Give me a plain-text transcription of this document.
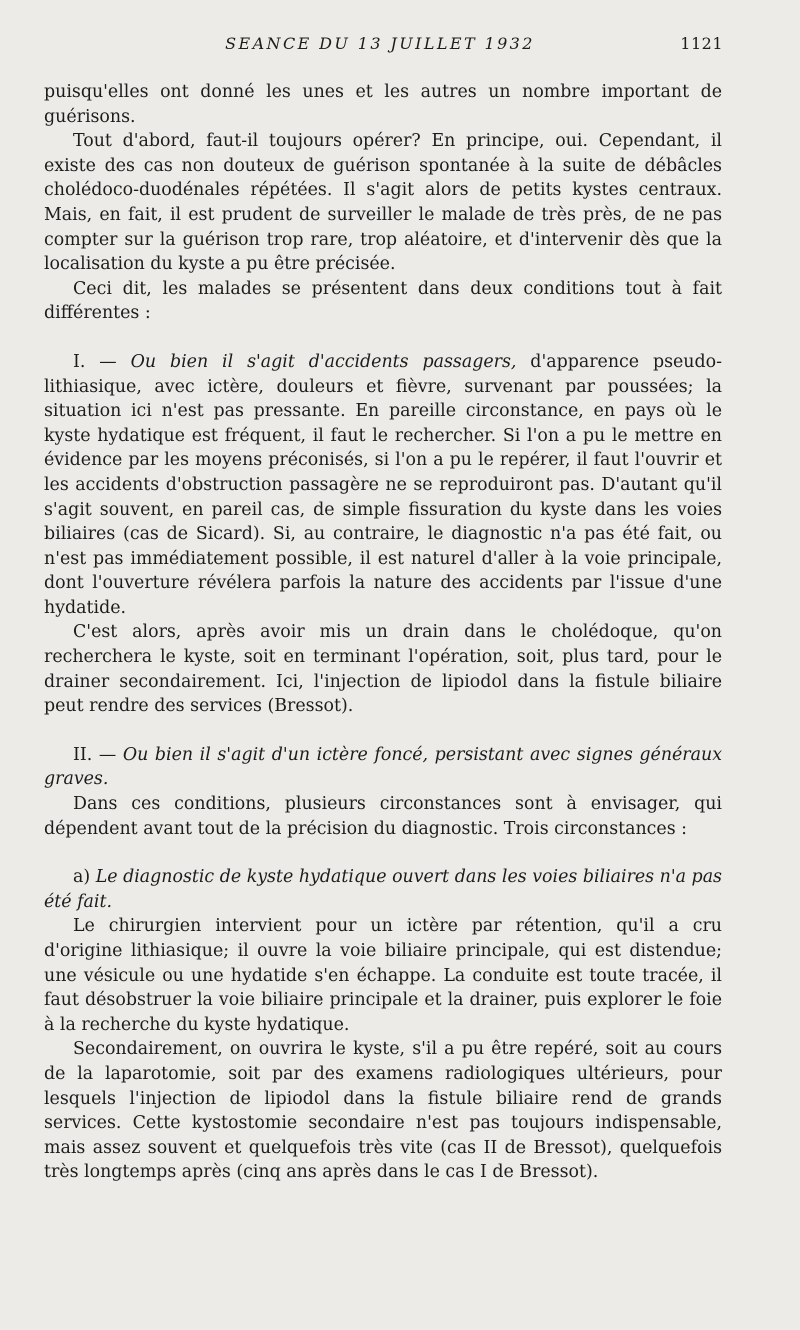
SEANCE DU 13 JUILLET 1932	1121

puisqu'elles ont donné les unes et les autres un nombre important de guérisons.

Tout d'abord, faut-il toujours opérer? En principe, oui. Cependant, il existe des cas non douteux de guérison spontanée à la suite de débâcles cholédoco-duodénales répétées. Il s'agit alors de petits kystes centraux. Mais, en fait, il est prudent de surveiller le malade de très près, de ne pas compter sur la guérison trop rare, trop aléatoire, et d'intervenir dès que la localisation du kyste a pu être précisée.

Ceci dit, les malades se présentent dans deux conditions tout à fait différentes :

I. — Ou bien il s'agit d'accidents passagers, d'apparence pseudo-lithiasique, avec ictère, douleurs et fièvre, survenant par poussées; la situation ici n'est pas pressante. En pareille circonstance, en pays où le kyste hydatique est fréquent, il faut le rechercher. Si l'on a pu le mettre en évidence par les moyens préconisés, si l'on a pu le repérer, il faut l'ouvrir et les accidents d'obstruction passagère ne se reproduiront pas. D'autant qu'il s'agit souvent, en pareil cas, de simple fissuration du kyste dans les voies biliaires (cas de Sicard). Si, au contraire, le diagnostic n'a pas été fait, ou n'est pas immédiatement possible, il est naturel d'aller à la voie principale, dont l'ouverture révélera parfois la nature des accidents par l'issue d'une hydatide.

C'est alors, après avoir mis un drain dans le cholédoque, qu'on recherchera le kyste, soit en terminant l'opération, soit, plus tard, pour le drainer secondairement. Ici, l'injection de lipiodol dans la fistule biliaire peut rendre des services (Bressot).

II. — Ou bien il s'agit d'un ictère foncé, persistant avec signes généraux graves.

Dans ces conditions, plusieurs circonstances sont à envisager, qui dépendent avant tout de la précision du diagnostic. Trois circonstances :

a) Le diagnostic de kyste hydatique ouvert dans les voies biliaires n'a pas été fait.

Le chirurgien intervient pour un ictère par rétention, qu'il a cru d'origine lithiasique; il ouvre la voie biliaire principale, qui est distendue; une vésicule ou une hydatide s'en échappe. La conduite est toute tracée, il faut désobstruer la voie biliaire principale et la drainer, puis explorer le foie à la recherche du kyste hydatique.

Secondairement, on ouvrira le kyste, s'il a pu être repéré, soit au cours de la laparotomie, soit par des examens radiologiques ultérieurs, pour lesquels l'injection de lipiodol dans la fistule biliaire rend de grands services. Cette kystostomie secondaire n'est pas toujours indispensable, mais assez souvent et quelquefois très vite (cas II de Bressot), quelquefois très longtemps après (cinq ans après dans le cas I de Bressot).
